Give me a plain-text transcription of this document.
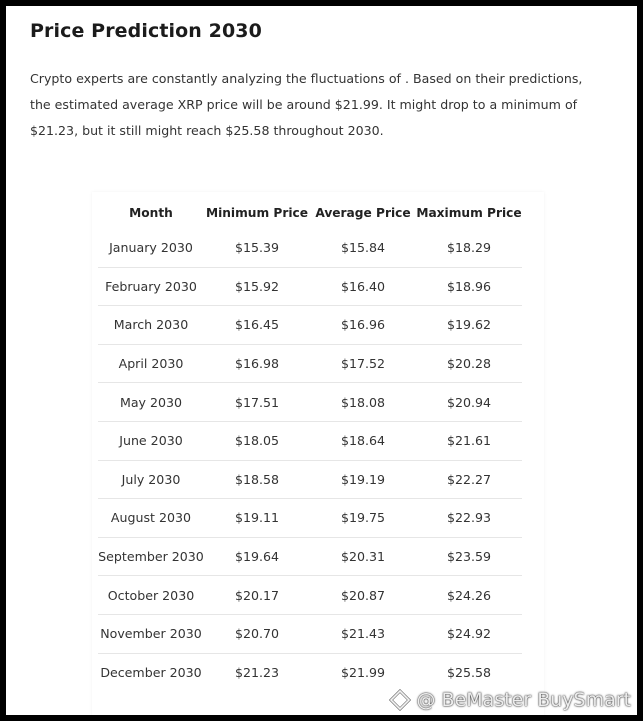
Price Prediction 2030

Crypto experts are constantly analyzing the fluctuations of . Based on their predictions,
the estimated average XRP price will be around $21.99. It might drop to a minimum of
$21.23, but it still might reach $25.58 throughout 2030.

Month	Minimum Price	Average Price	Maximum Price
January 2030	$15.39	$15.84	$18.29
February 2030	$15.92	$16.40	$18.96
March 2030	$16.45	$16.96	$19.62
April 2030	$16.98	$17.52	$20.28
May 2030	$17.51	$18.08	$20.94
June 2030	$18.05	$18.64	$21.61
July 2030	$18.58	$19.19	$22.27
August 2030	$19.11	$19.75	$22.93
September 2030	$19.64	$20.31	$23.59
October 2030	$20.17	$20.87	$24.26
November 2030	$20.70	$21.43	$24.92
December 2030	$21.23	$21.99	$25.58
@ BeMaster BuySmart
